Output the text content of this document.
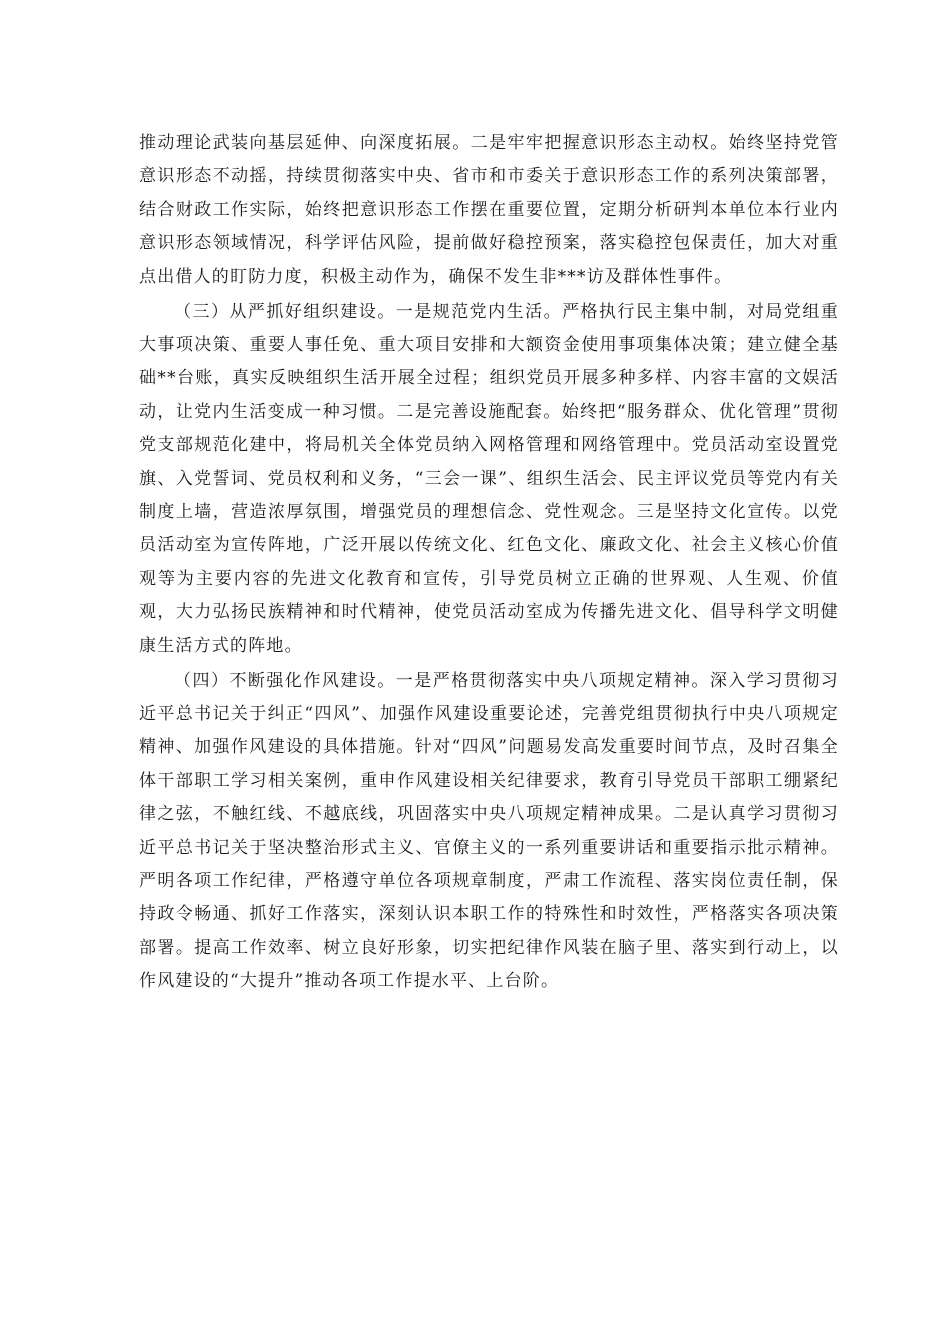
推动理论武装向基层延伸、向深度拓展。二是牢牢把握意识形态主动权。始终坚持党管意识形态不动摇，持续贯彻落实中央、省市和市委关于意识形态工作的系列决策部署，结合财政工作实际，始终把意识形态工作摆在重要位置，定期分析研判本单位本行业内意识形态领域情况，科学评估风险，提前做好稳控预案，落实稳控包保责任，加大对重点出借人的盯防力度，积极主动作为，确保不发生非***访及群体性事件。

（三）从严抓好组织建设。一是规范党内生活。严格执行民主集中制，对局党组重大事项决策、重要人事任免、重大项目安排和大额资金使用事项集体决策；建立健全基础**台账，真实反映组织生活开展全过程；组织党员开展多种多样、内容丰富的文娱活动，让党内生活变成一种习惯。二是完善设施配套。始终把“服务群众、优化管理”贯彻党支部规范化建中，将局机关全体党员纳入网格管理和网络管理中。党员活动室设置党旗、入党誓词、党员权利和义务，“三会一课”、组织生活会、民主评议党员等党内有关制度上墙，营造浓厚氛围，增强党员的理想信念、党性观念。三是坚持文化宣传。以党员活动室为宣传阵地，广泛开展以传统文化、红色文化、廉政文化、社会主义核心价值观等为主要内容的先进文化教育和宣传，引导党员树立正确的世界观、人生观、价值观，大力弘扬民族精神和时代精神，使党员活动室成为传播先进文化、倡导科学文明健康生活方式的阵地。

（四）不断强化作风建设。一是严格贯彻落实中央八项规定精神。深入学习贯彻习近平总书记关于纠正“四风”、加强作风建设重要论述，完善党组贯彻执行中央八项规定精神、加强作风建设的具体措施。针对“四风”问题易发高发重要时间节点，及时召集全体干部职工学习相关案例，重申作风建设相关纪律要求，教育引导党员干部职工绷紧纪律之弦，不触红线、不越底线，巩固落实中央八项规定精神成果。二是认真学习贯彻习近平总书记关于坚决整治形式主义、官僚主义的一系列重要讲话和重要指示批示精神。严明各项工作纪律，严格遵守单位各项规章制度，严肃工作流程、落实岗位责任制，保持政令畅通、抓好工作落实，深刻认识本职工作的特殊性和时效性，严格落实各项决策部署。提高工作效率、树立良好形象，切实把纪律作风装在脑子里、落实到行动上，以作风建设的“大提升”推动各项工作提水平、上台阶。
